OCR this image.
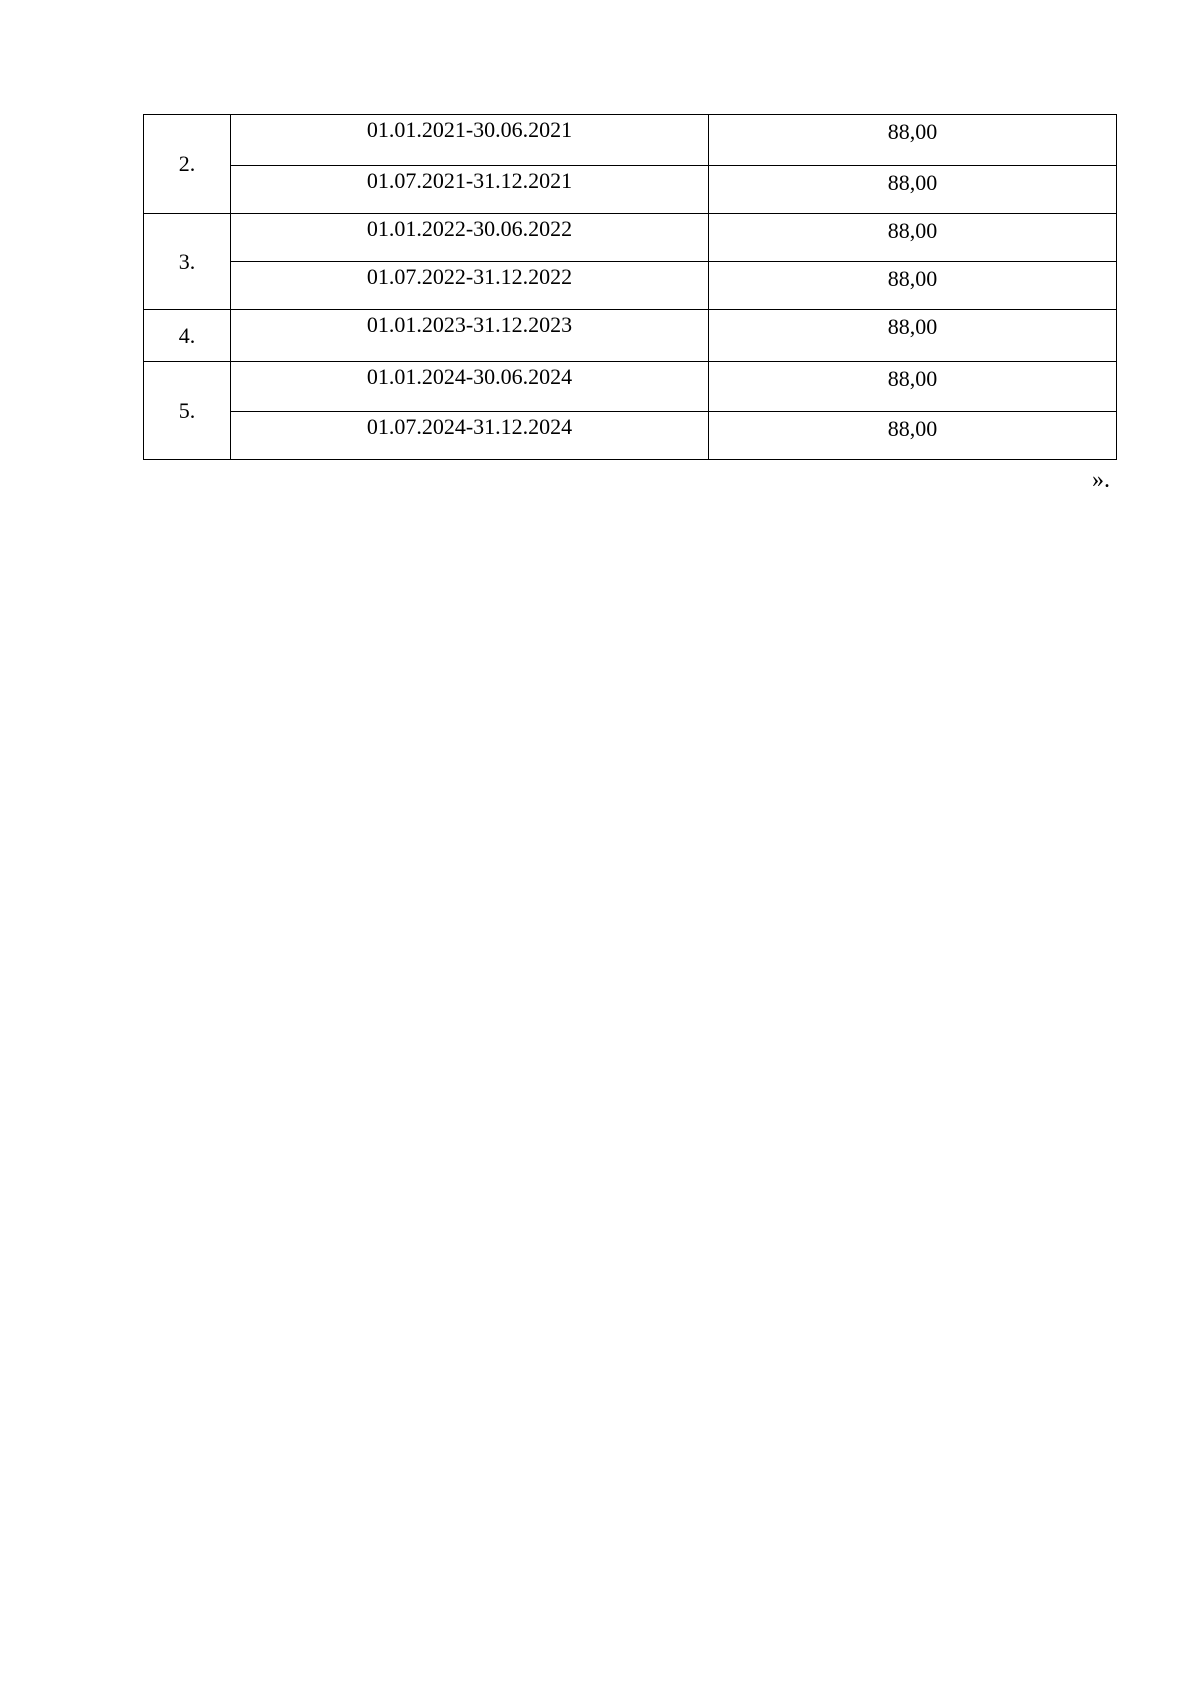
2.	01.01.2021-30.06.2021	88,00
	01.07.2021-31.12.2021	88,00
3.	01.01.2022-30.06.2022	88,00
	01.07.2022-31.12.2022	88,00
4.	01.01.2023-31.12.2023	88,00
5.	01.01.2024-30.06.2024	88,00
	01.07.2024-31.12.2024	88,00
».
